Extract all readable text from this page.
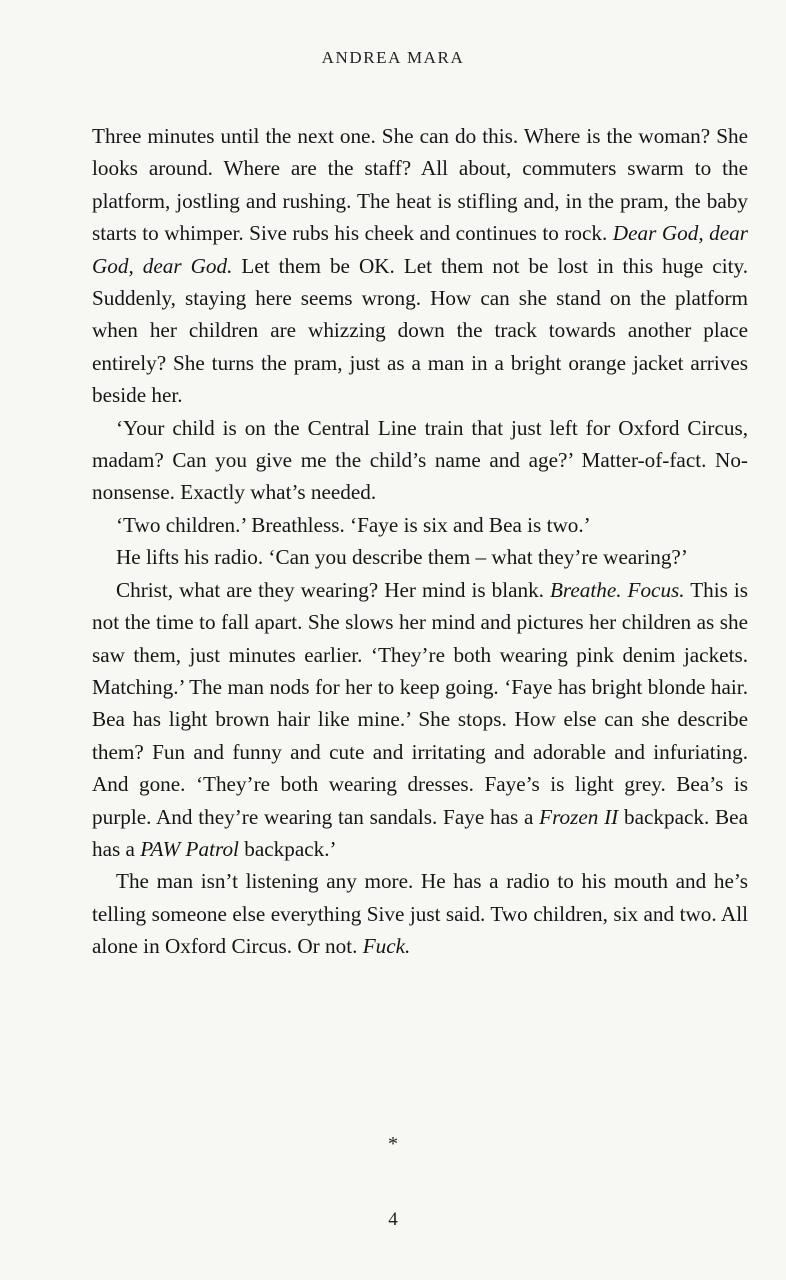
ANDREA MARA

Three minutes until the next one. She can do this. Where is the woman? She looks around. Where are the staff? All about, commuters swarm to the platform, jostling and rushing. The heat is stifling and, in the pram, the baby starts to whimper. Sive rubs his cheek and continues to rock. Dear God, dear God, dear God. Let them be OK. Let them not be lost in this huge city. Suddenly, staying here seems wrong. How can she stand on the platform when her children are whizzing down the track towards another place entirely? She turns the pram, just as a man in a bright orange jacket arrives beside her.

‘Your child is on the Central Line train that just left for Oxford Circus, madam? Can you give me the child’s name and age?’ Matter-of-fact. No-nonsense. Exactly what’s needed.

‘Two children.’ Breathless. ‘Faye is six and Bea is two.’

He lifts his radio. ‘Can you describe them – what they’re wearing?’

Christ, what are they wearing? Her mind is blank. Breathe. Focus. This is not the time to fall apart. She slows her mind and pictures her children as she saw them, just minutes earlier. ‘They’re both wearing pink denim jackets. Matching.’ The man nods for her to keep going. ‘Faye has bright blonde hair. Bea has light brown hair like mine.’ She stops. How else can she describe them? Fun and funny and cute and irritating and adorable and infuriating. And gone. ‘They’re both wearing dresses. Faye’s is light grey. Bea’s is purple. And they’re wearing tan sandals. Faye has a Frozen II backpack. Bea has a PAW Patrol backpack.’

The man isn’t listening any more. He has a radio to his mouth and he’s telling someone else everything Sive just said. Two children, six and two. All alone in Oxford Circus. Or not. Fuck.

*
4
